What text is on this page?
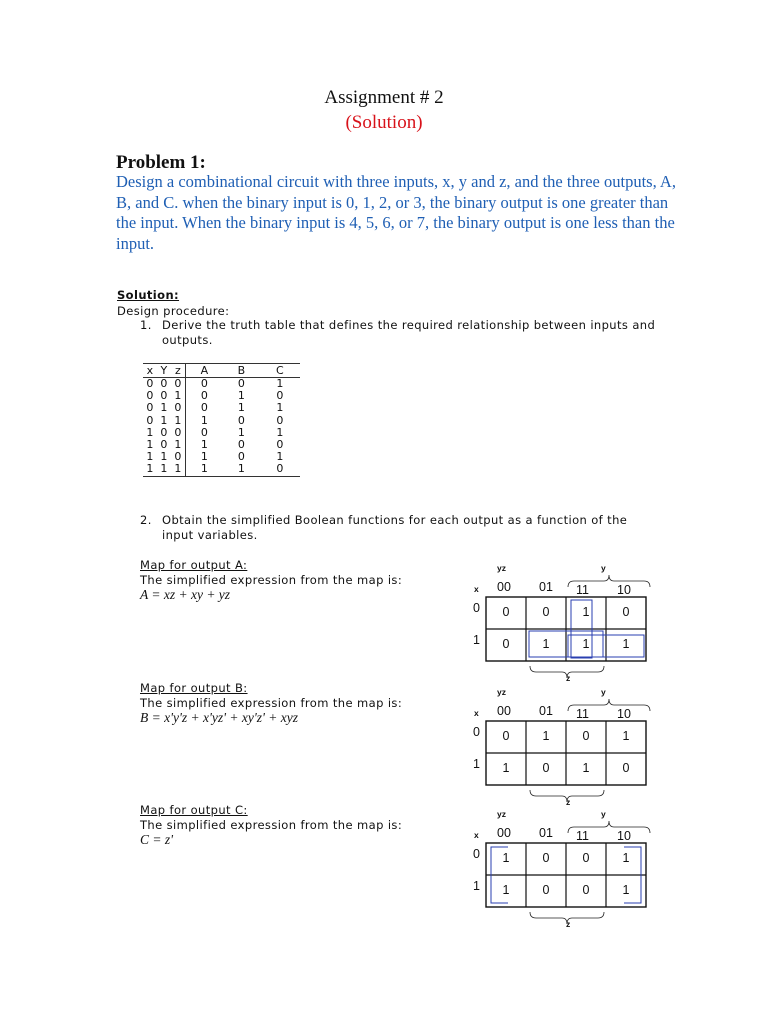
Assignment # 2
(Solution)
Problem 1:
Design a combinational circuit with three inputs, x, y and z, and the three outputs, A, B, and C. when the binary input is 0, 1, 2, or 3, the binary output is one greater than the input. When the binary input is 4, 5, 6, or 7, the binary output is one less than the input.
Solution:
Design procedure:
1. Derive the truth table that defines the required relationship between inputs and outputs.
x	Y	z	A	B	C
0	0	0	0	0	1
0	0	1	0	1	0
0	1	0	0	1	1
0	1	1	1	0	0
1	0	0	0	1	1
1	0	1	1	0	0
1	1	0	1	0	1
1	1	1	1	1	0
2. Obtain the simplified Boolean functions for each output as a function of the input variables.
Map for output A:
The simplified expression from the map is:
A = xz + xy + yz
Map for output B:
The simplified expression from the map is:
B = x'y'z + x'yz' + xy'z' + xyz
Map for output C:
The simplified expression from the map is:
C = z'
yz	y
x 00 01 11 10
0
1
z
0	0	1	0
0	1	1	1
yz	y
x 00 01 11 10
0
1
z
0	1	0	1
1	0	1	0
yz	y
x 00 01 11 10
0
1
z
1	0	0	1
1	0	0	1
